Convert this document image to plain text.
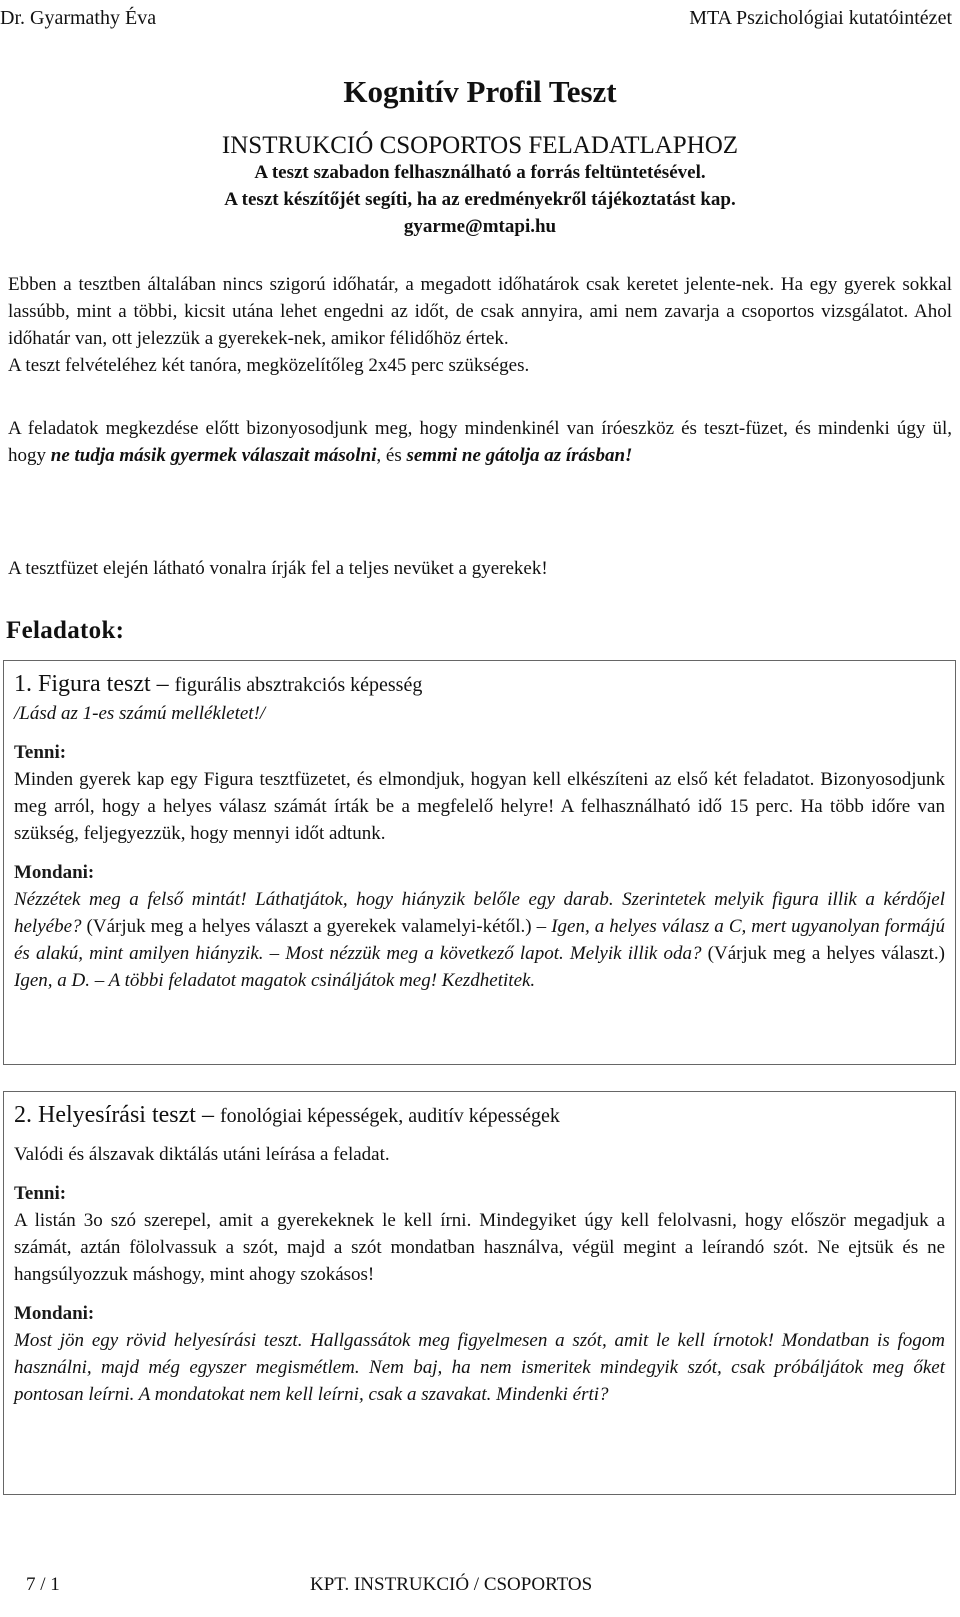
Dr. Gyarmathy Éva	MTA Pszichológiai kutatóintézet
Kognitív Profil Teszt
INSTRUKCIÓ CSOPORTOS FELADATLAPHOZ
A teszt szabadon felhasználható a forrás feltüntetésével.
A teszt készítőjét segíti, ha az eredményekről tájékoztatást kap.
gyarme@mtapi.hu
Ebben a tesztben általában nincs szigorú időhatár, a megadott időhatárok csak keretet jelente-nek. Ha egy gyerek sokkal lassúbb, mint a többi, kicsit utána lehet engedni az időt, de csak annyira, ami nem zavarja a csoportos vizsgálatot. Ahol időhatár van, ott jelezzük a gyerekek-nek, amikor félidőhöz értek.
A teszt felvételéhez két tanóra, megközelítőleg 2x45 perc szükséges.
A feladatok megkezdése előtt bizonyosodjunk meg, hogy mindenkinél van íróeszköz és teszt-füzet, és mindenki úgy ül, hogy ne tudja másik gyermek válaszait másolni, és semmi ne gátolja az írásban!
A tesztfüzet elején látható vonalra írják fel a teljes nevüket a gyerekek!
Feladatok:
1. Figura teszt – figurális absztrakciós képesség
/Lásd az 1-es számú mellékletet!/
Tenni:
Minden gyerek kap egy Figura tesztfüzetet, és elmondjuk, hogyan kell elkészíteni az első két feladatot. Bizonyosodjunk meg arról, hogy a helyes válasz számát írták be a megfelelő helyre! A felhasználható idő 15 perc. Ha több időre van szükség, feljegyezzük, hogy mennyi időt adtunk.
Mondani:
Nézzétek meg a felső mintát! Láthatjátok, hogy hiányzik belőle egy darab. Szerintetek melyik figura illik a kérdőjel helyébe? (Várjuk meg a helyes választ a gyerekek valamelyi-kétől.) – Igen, a helyes válasz a C, mert ugyanolyan formájú és alakú, mint amilyen hiányzik. – Most nézzük meg a következő lapot. Melyik illik oda? (Várjuk meg a helyes választ.) Igen, a D. – A többi feladatot magatok csináljátok meg! Kezdhetitek.
2. Helyesírási teszt – fonológiai képességek, auditív képességek
Valódi és álszavak diktálás utáni leírása a feladat.
Tenni:
A listán 3o szó szerepel, amit a gyerekeknek le kell írni. Mindegyiket úgy kell felolvasni, hogy először megadjuk a számát, aztán fölolvassuk a szót, majd a szót mondatban használva, végül megint a leírandó szót. Ne ejtsük és ne hangsúlyozzuk máshogy, mint ahogy szokásos!
Mondani:
Most jön egy rövid helyesírási teszt. Hallgassátok meg figyelmesen a szót, amit le kell írnotok! Mondatban is fogom használni, majd még egyszer megismétlem. Nem baj, ha nem ismeritek mindegyik szót, csak próbáljátok meg őket pontosan leírni. A mondatokat nem kell leírni, csak a szavakat. Mindenki érti?
7 / 1	KPT. INSTRUKCIÓ / CSOPORTOS
